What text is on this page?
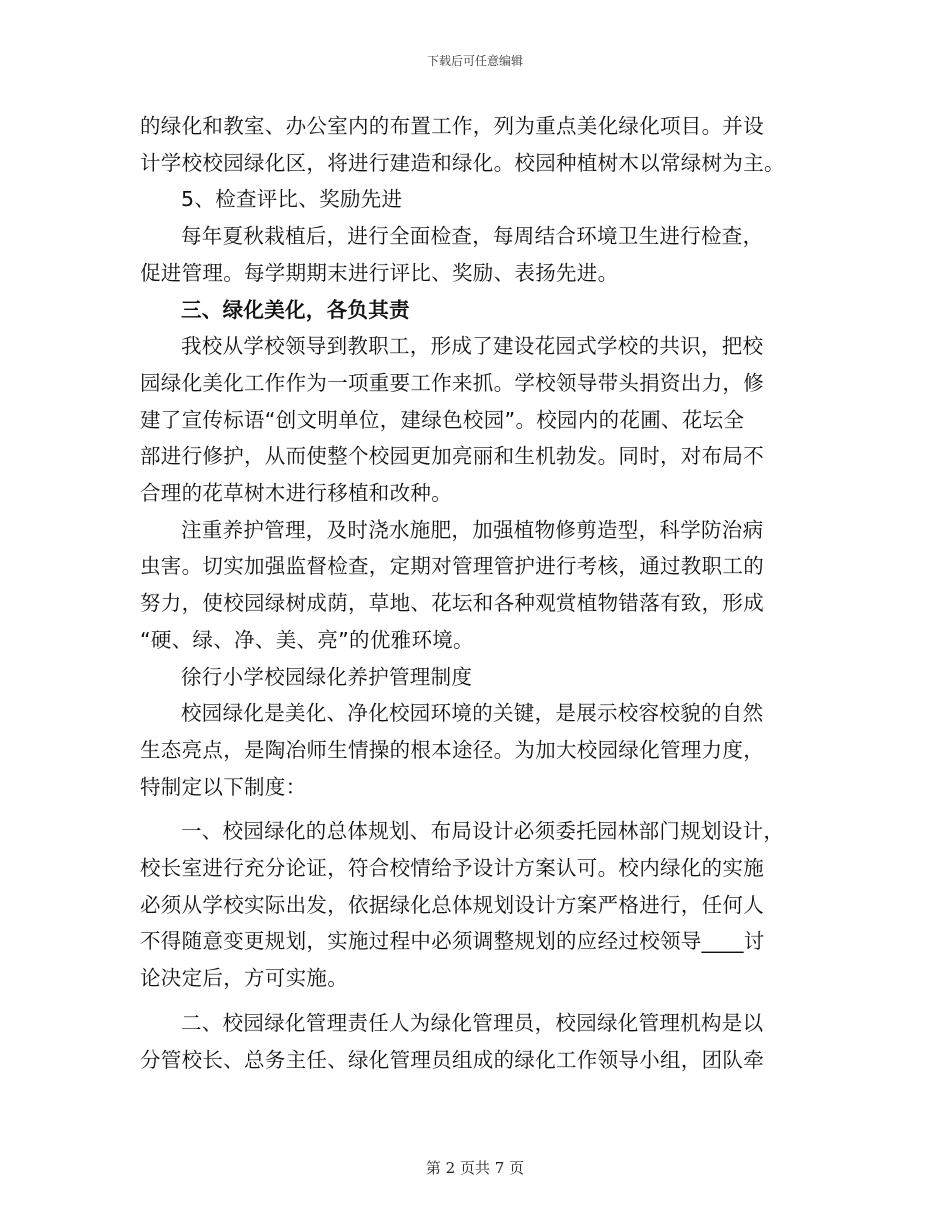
下载后可任意编辑

的绿化和教室、办公室内的布置工作，列为重点美化绿化项目。并设
计学校校园绿化区，将进行建造和绿化。校园种植树木以常绿树为主。

5、检查评比、奖励先进

每年夏秋栽植后，进行全面检查，每周结合环境卫生进行检查，
促进管理。每学期期末进行评比、奖励、表扬先进。

三、绿化美化，各负其责

我校从学校领导到教职工，形成了建设花园式学校的共识，把校
园绿化美化工作作为一项重要工作来抓。学校领导带头捐资出力，修
建了宣传标语“创文明单位，建绿色校园”。校园内的花圃、花坛全
部进行修护，从而使整个校园更加亮丽和生机勃发。同时，对布局不
合理的花草树木进行移植和改种。

注重养护管理，及时浇水施肥，加强植物修剪造型，科学防治病
虫害。切实加强监督检查，定期对管理管护进行考核，通过教职工的
努力，使校园绿树成荫，草地、花坛和各种观赏植物错落有致，形成
“硬、绿、净、美、亮”的优雅环境。

徐行小学校园绿化养护管理制度

校园绿化是美化、净化校园环境的关键，是展示校容校貌的自然
生态亮点，是陶冶师生情操的根本途径。为加大校园绿化管理力度，
特制定以下制度：

一、校园绿化的总体规划、布局设计必须委托园林部门规划设计，
校长室进行充分论证，符合校情给予设计方案认可。校内绿化的实施
必须从学校实际出发，依据绿化总体规划设计方案严格进行，任何人
不得随意变更规划，实施过程中必须调整规划的应经过校领导____讨
论决定后，方可实施。

二、校园绿化管理责任人为绿化管理员，校园绿化管理机构是以
分管校长、总务主任、绿化管理员组成的绿化工作领导小组，团队牵

第 2 页共 7 页
